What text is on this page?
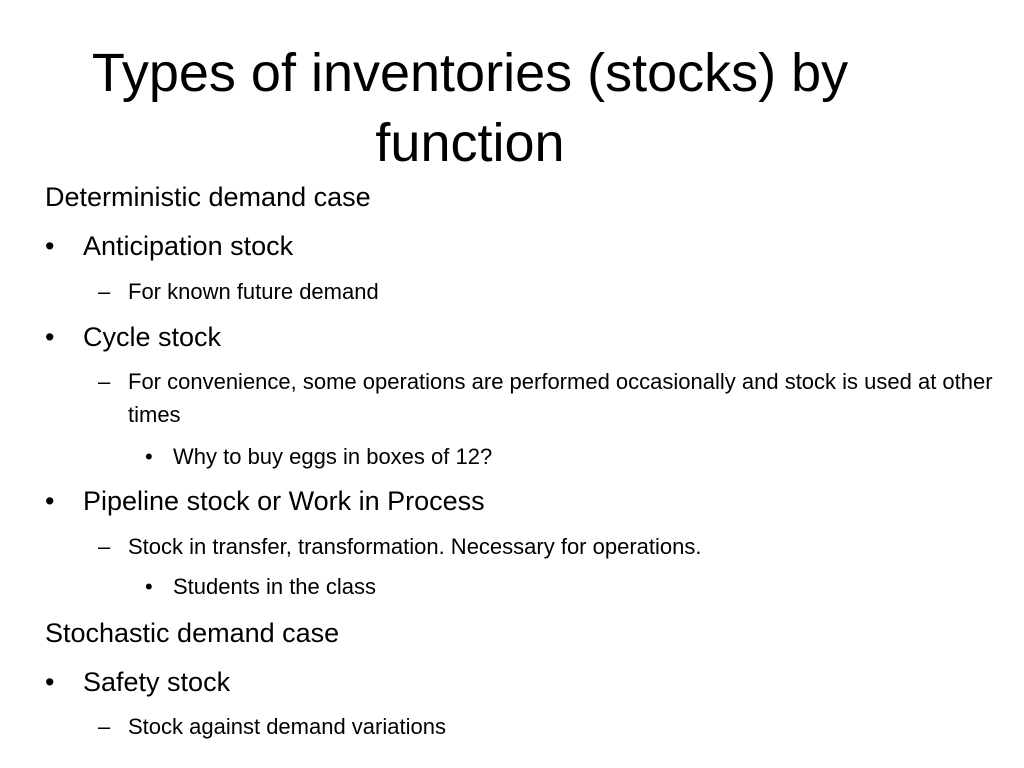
Types of inventories (stocks) by function
Deterministic demand case
• Anticipation stock
– For known future demand
• Cycle stock
– For convenience, some operations are performed occasionally and stock is used at other times
• Why to buy eggs in boxes of 12?
• Pipeline stock or Work in Process
– Stock in transfer, transformation. Necessary for operations.
• Students in the class
Stochastic demand case
• Safety stock
– Stock against demand variations
